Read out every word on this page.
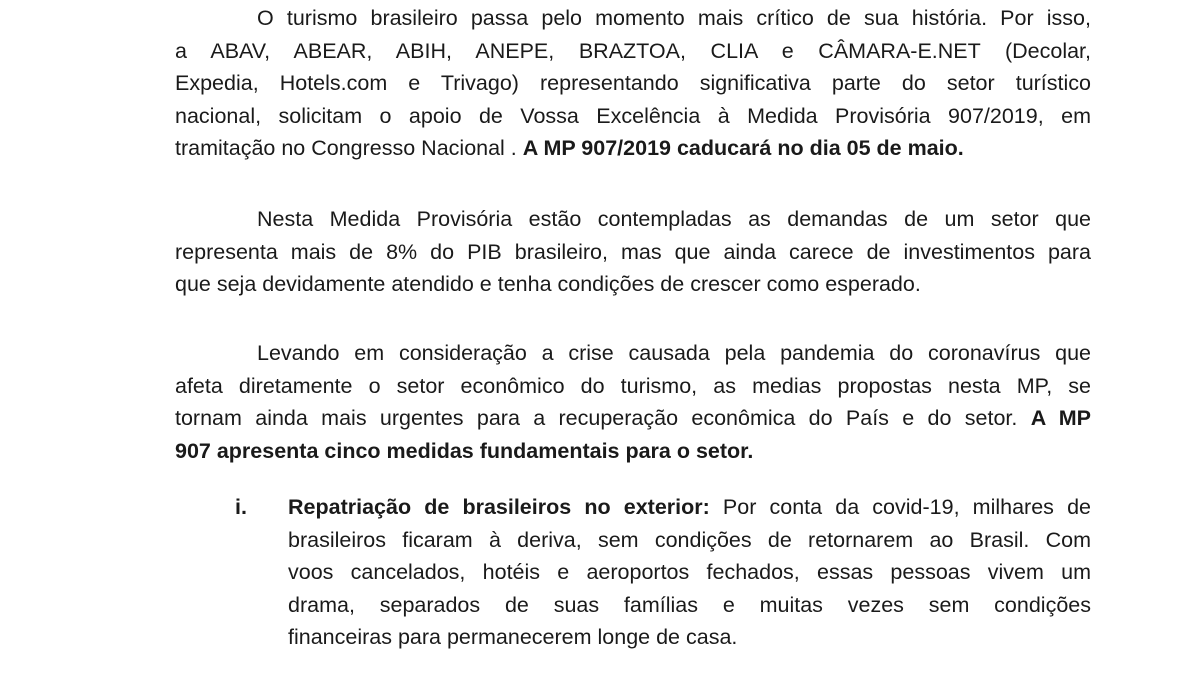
O turismo brasileiro passa pelo momento mais crítico de sua história. Por isso,
a ABAV, ABEAR, ABIH, ANEPE, BRAZTOA, CLIA e CÂMARA-E.NET (Decolar,
Expedia, Hotels.com e Trivago) representando significativa parte do setor turístico
nacional, solicitam o apoio de Vossa Excelência à Medida Provisória 907/2019, em
tramitação no Congresso Nacional . A MP 907/2019 caducará no dia 05 de maio.
Nesta Medida Provisória estão contempladas as demandas de um setor que
representa mais de 8% do PIB brasileiro, mas que ainda carece de investimentos para
que seja devidamente atendido e tenha condições de crescer como esperado.
Levando em consideração a crise causada pela pandemia do coronavírus que
afeta diretamente o setor econômico do turismo, as medias propostas nesta MP, se
tornam ainda mais urgentes para a recuperação econômica do País e do setor. A MP
907 apresenta cinco medidas fundamentais para o setor.
i. Repatriação de brasileiros no exterior: Por conta da covid-19, milhares de
brasileiros ficaram à deriva, sem condições de retornarem ao Brasil. Com
voos cancelados, hotéis e aeroportos fechados, essas pessoas vivem um
drama, separados de suas famílias e muitas vezes sem condições
financeiras para permanecerem longe de casa.
